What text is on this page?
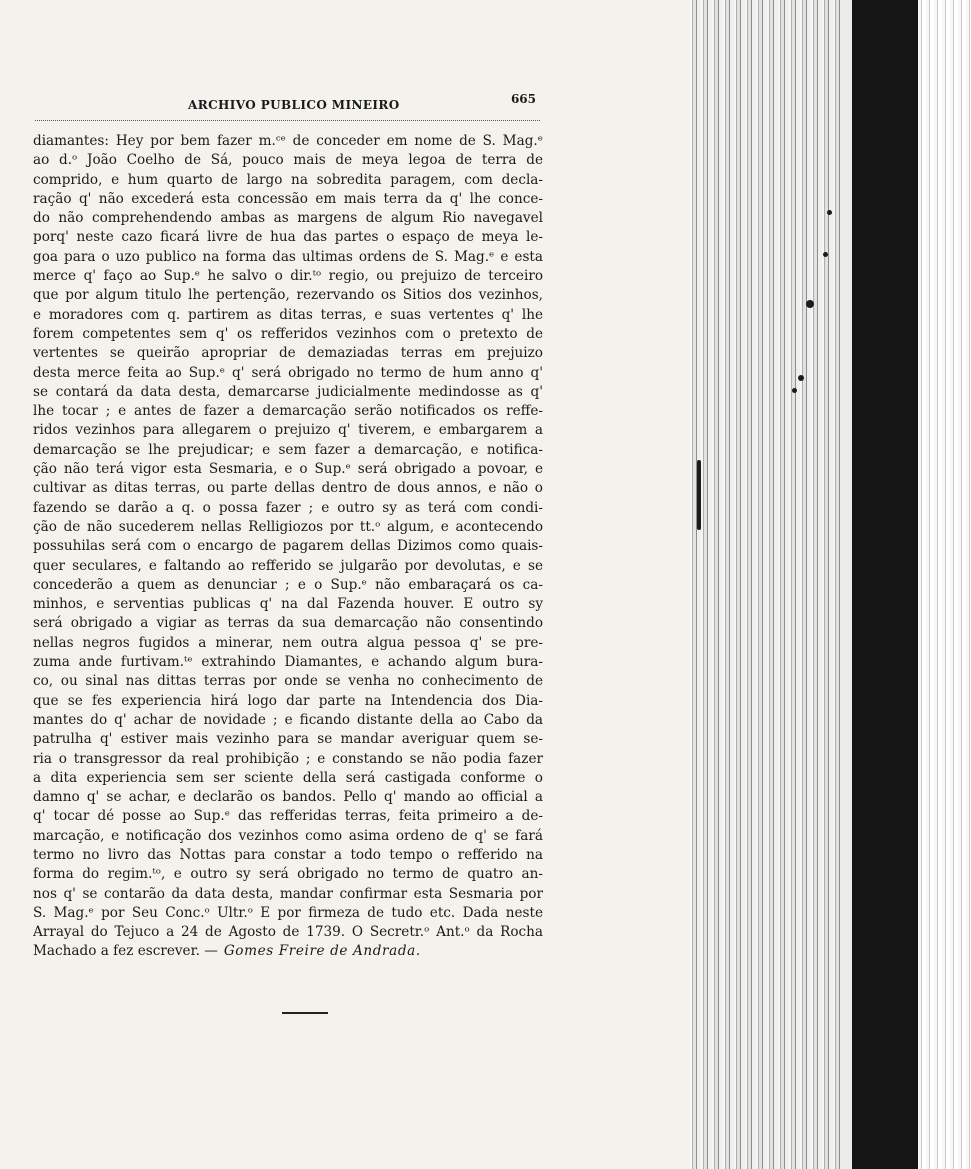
ARCHIVO PUBLICO MINEIRO	665
diamantes: Hey por bem fazer m.ᶜᵉ de conceder em nome de S. Mag.ᵉ
ao d.ᵒ João Coelho de Sá, pouco mais de meya legoa de terra de
comprido, e hum quarto de largo na sobredita paragem, com decla-
ração q' não excederá esta concessão em mais terra da q' lhe conce-
do não comprehendendo ambas as margens de algum Rio navegavel
porq' neste cazo ficará livre de hua das partes o espaço de meya le-
goa para o uzo publico na forma das ultimas ordens de S. Mag.ᵉ e esta
merce q' faço ao Sup.ᵉ he salvo o dir.ᵗᵒ regio, ou prejuizo de terceiro
que por algum titulo lhe pertenção, rezervando os Sitios dos vezinhos,
e moradores com q. partirem as ditas terras, e suas vertentes q' lhe
forem competentes sem q' os refferidos vezinhos com o pretexto de
vertentes se queirão apropriar de demaziadas terras em prejuizo
desta merce feita ao Sup.ᵉ q' será obrigado no termo de hum anno q'
se contará da data desta, demarcarse judicialmente medindosse as q'
lhe tocar ; e antes de fazer a demarcação serão notificados os reffe-
ridos vezinhos para allegarem o prejuizo q' tiverem, e embargarem a
demarcação se lhe prejudicar; e sem fazer a demarcação, e notifica-
ção não terá vigor esta Sesmaria, e o Sup.ᵉ será obrigado a povoar, e
cultivar as ditas terras, ou parte dellas dentro de dous annos, e não o
fazendo se darão a q. o possa fazer ; e outro sy as terá com condi-
ção de não sucederem nellas Relligiozos por tt.ᵒ algum, e acontecendo
possuhilas será com o encargo de pagarem dellas Dizimos como quais-
quer seculares, e faltando ao refferido se julgarão por devolutas, e se
concederão a quem as denunciar ; e o Sup.ᵉ não embaraçará os ca-
minhos, e serventias publicas q' na dal Fazenda houver. E outro sy
será obrigado a vigiar as terras da sua demarcação não consentindo
nellas negros fugidos a minerar, nem outra algua pessoa q' se pre-
zuma ande furtivam.ᵗᵉ extrahindo Diamantes, e achando algum bura-
co, ou sinal nas dittas terras por onde se venha no conhecimento de
que se fes experiencia hirá logo dar parte na Intendencia dos Dia-
mantes do q' achar de novidade ; e ficando distante della ao Cabo da
patrulha q' estiver mais vezinho para se mandar averiguar quem se-
ria o transgressor da real prohibição ; e constando se não podia fazer
a dita experiencia sem ser sciente della será castigada conforme o
damno q' se achar, e declarão os bandos. Pello q' mando ao official a
q' tocar dé posse ao Sup.ᵉ das refferidas terras, feita primeiro a de-
marcação, e notificação dos vezinhos como asima ordeno de q' se fará
termo no livro das Nottas para constar a todo tempo o refferido na
forma do regim.ᵗᵒ, e outro sy será obrigado no termo de quatro an-
nos q' se contarão da data desta, mandar confirmar esta Sesmaria por
S. Mag.ᵉ por Seu Conc.ᵒ Ultr.ᵒ E por firmeza de tudo etc. Dada neste
Arrayal do Tejuco a 24 de Agosto de 1739. O Secretr.ᵒ Ant.ᵒ da Rocha
Machado a fez escrever. — Gomes Freire de Andrada.
